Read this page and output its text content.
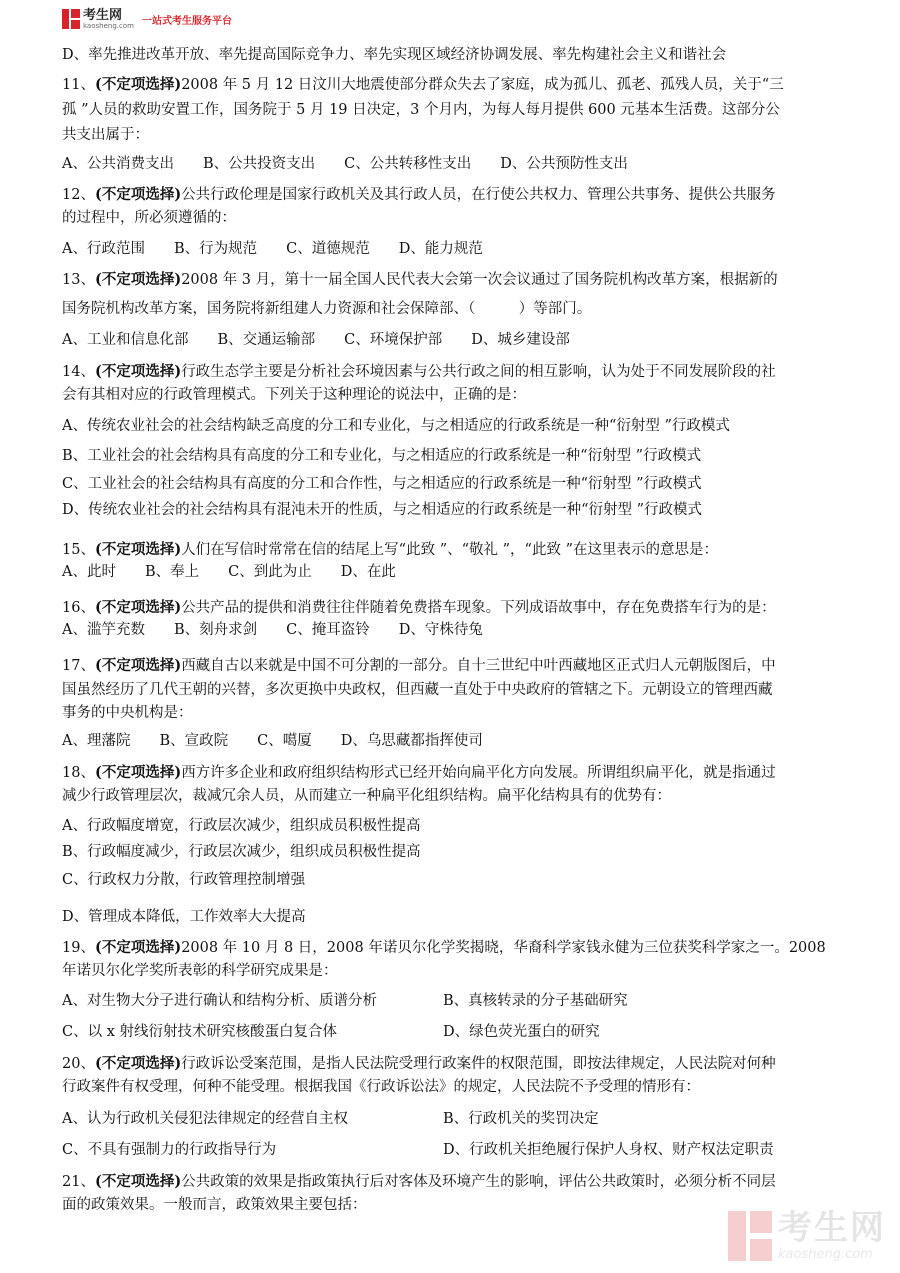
考生网
kaosheng.com 一站式考生服务平台
D、率先推进改革开放、率先提高国际竞争力、率先实现区域经济协调发展、率先构建社会主义和谐社会
11、(不定项选择)2008 年 5 月 12 日汶川大地震使部分群众失去了家庭，成为孤儿、孤老、孤残人员，关于“三
孤 ”人员的救助安置工作，国务院于 5 月 19 日决定，3 个月内，为每人每月提供 600 元基本生活费。这部分公
共支出属于：
A、公共消费支出　　B、公共投资支出　　C、公共转移性支出　　D、公共预防性支出
12、(不定项选择)公共行政伦理是国家行政机关及其行政人员，在行使公共权力、管理公共事务、提供公共服务
的过程中，所必须遵循的：
A、行政范围　　B、行为规范　　C、道德规范　　D、能力规范
13、(不定项选择)2008 年 3 月，第十一届全国人民代表大会第一次会议通过了国务院机构改革方案，根据新的
国务院机构改革方案，国务院将新组建人力资源和社会保障部、（　　　）等部门。
A、工业和信息化部　　B、交通运输部　　C、环境保护部　　D、城乡建设部
14、(不定项选择)行政生态学主要是分析社会环境因素与公共行政之间的相互影响，认为处于不同发展阶段的社
会有其相对应的行政管理模式。下列关于这种理论的说法中，正确的是：
A、传统农业社会的社会结构缺乏高度的分工和专业化，与之相适应的行政系统是一种“衍射型 ”行政模式
B、工业社会的社会结构具有高度的分工和专业化，与之相适应的行政系统是一种“衍射型 ”行政模式
C、工业社会的社会结构具有高度的分工和合作性，与之相适应的行政系统是一种“衍射型 ”行政模式
D、传统农业社会的社会结构具有混沌未开的性质，与之相适应的行政系统是一种“衍射型 ”行政模式
15、(不定项选择)人们在写信时常常在信的结尾上写“此致 ”、“敬礼 ”，“此致 ”在这里表示的意思是：
A、此时　　B、奉上　　C、到此为止　　D、在此
16、(不定项选择)公共产品的提供和消费往往伴随着免费搭车现象。下列成语故事中，存在免费搭车行为的是：
A、滥竽充数　　B、刻舟求剑　　C、掩耳盗铃　　D、守株待兔
17、(不定项选择)西藏自古以来就是中国不可分割的一部分。自十三世纪中叶西藏地区正式归人元朝版图后，中
国虽然经历了几代王朝的兴替，多次更换中央政权，但西藏一直处于中央政府的管辖之下。元朝设立的管理西藏
事务的中央机构是：
A、理藩院　　B、宣政院　　C、噶厦　　D、乌思藏都指挥使司
18、(不定项选择)西方许多企业和政府组织结构形式已经开始向扁平化方向发展。所谓组织扁平化，就是指通过
减少行政管理层次，裁减冗余人员，从而建立一种扁平化组织结构。扁平化结构具有的优势有：
A、行政幅度增宽，行政层次减少，组织成员积极性提高
B、行政幅度减少，行政层次减少，组织成员积极性提高
C、行政权力分散，行政管理控制增强
D、管理成本降低，工作效率大大提高
19、(不定项选择)2008 年 10 月 8 日，2008 年诺贝尔化学奖揭晓，华裔科学家钱永健为三位获奖科学家之一。2008
年诺贝尔化学奖所表彰的科学研究成果是：
A、对生物大分子进行确认和结构分析、质谱分析	B、真核转录的分子基础研究
C、以 x 射线衍射技术研究核酸蛋白复合体	D、绿色荧光蛋白的研究
20、(不定项选择)行政诉讼受案范围，是指人民法院受理行政案件的权限范围，即按法律规定，人民法院对何种
行政案件有权受理，何种不能受理。根据我国《行政诉讼法》的规定，人民法院不予受理的情形有：
A、认为行政机关侵犯法律规定的经营自主权	B、行政机关的奖罚决定
C、不具有强制力的行政指导行为	D、行政机关拒绝履行保护人身权、财产权法定职责
21、(不定项选择)公共政策的效果是指政策执行后对客体及环境产生的影响，评估公共政策时，必须分析不同层
面的政策效果。一般而言，政策效果主要包括：
考生网
kaosheng.com
